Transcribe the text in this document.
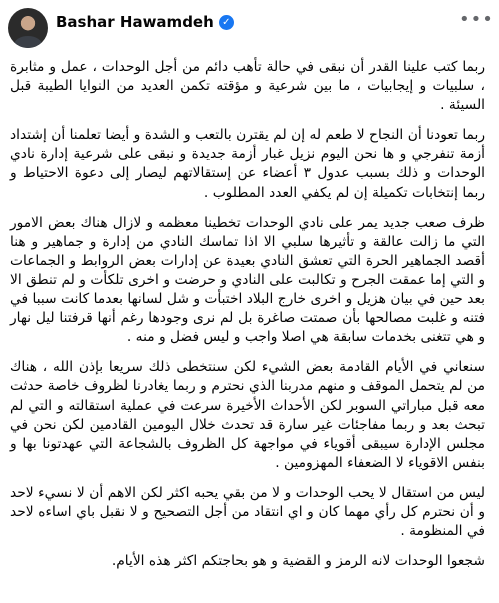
Bashar Hawamdeh ✓	•••

ربما كتب علينا القدر أن نبقى في حالة تأهب دائم من أجل الوحدات ، عمل و مثابرة ، سلبيات و إيجابيات ، ما بين شرعية و مؤقته تكمن العديد من النوايا الطيبة قبل السيئة .

ربما تعودنا أن النجاح لا طعم له إن لم يقترن بالتعب و الشدة و أيضا تعلمنا أن إشتداد أزمة تنفرجي و ها نحن اليوم نزيل غبار أزمة جديدة و نبقى على شرعية إدارة نادي الوحدات و ذلك بسبب عدول ٣ أعضاء عن إستقالاتهم ليصار إلى دعوة الاحتياط و ربما إنتخابات تكميلة إن لم يكفي العدد المطلوب .

ظرف صعب جديد يمر على نادي الوحدات تخطينا معظمه و لازال هناك بعض الامور التي ما زالت عالقة و تأثيرها سلبي الا اذا تماسك النادي من إدارة و جماهير و هنا أقصد الجماهير الحرة التي تعشق النادي بعيدة عن إدارات بعض الروابط و الجماعات و التي إما عمقت الجرح و تكالبت على النادي و حرضت و اخرى تلكأت و لم تنطق الا بعد حين في بيان هزيل و اخرى خارج البلاد اختبأت و شل لسانها بعدما كانت سببا في فتنه و غلبت مصالحها بأن صمتت صاغرة بل لم نرى وجودها رغم أنها قرفتنا ليل نهار و هي تتغنى بخدمات سابقة هي اصلا واجب و ليس فضل و منه .

سنعاني في الأيام القادمة بعض الشيء لكن سنتخطى ذلك سريعا بإذن الله ، هناك من لم يتحمل الموقف و منهم مدربنا الذي نحترم و ربما يغادرنا لظروف خاصة حدثت معه قبل مباراتي السوبر لكن الأحداث الأخيرة سرعت في عملية استقالته و التي لم تبحث بعد و ربما مفاجئات غير سارة قد تحدث خلال اليومين القادمين لكن نحن في مجلس الإدارة سيبقى أقوياء في مواجهة كل الظروف بالشجاعة التي عهدتونا بها و بنفس الاقوياء لا الضعفاء المهزومين .

ليس من استقال لا يحب الوحدات و لا من بقي يحبه اكثر لكن الاهم أن لا نسيء لاحد و أن نحترم كل رأي مهما كان و اي انتقاد من أجل التصحيح و لا نقبل باي اساءه لاحد في المنظومة .

شجعوا الوحدات لانه الرمز و القضية و هو بحاجتكم اكثر هذه الأيام.
